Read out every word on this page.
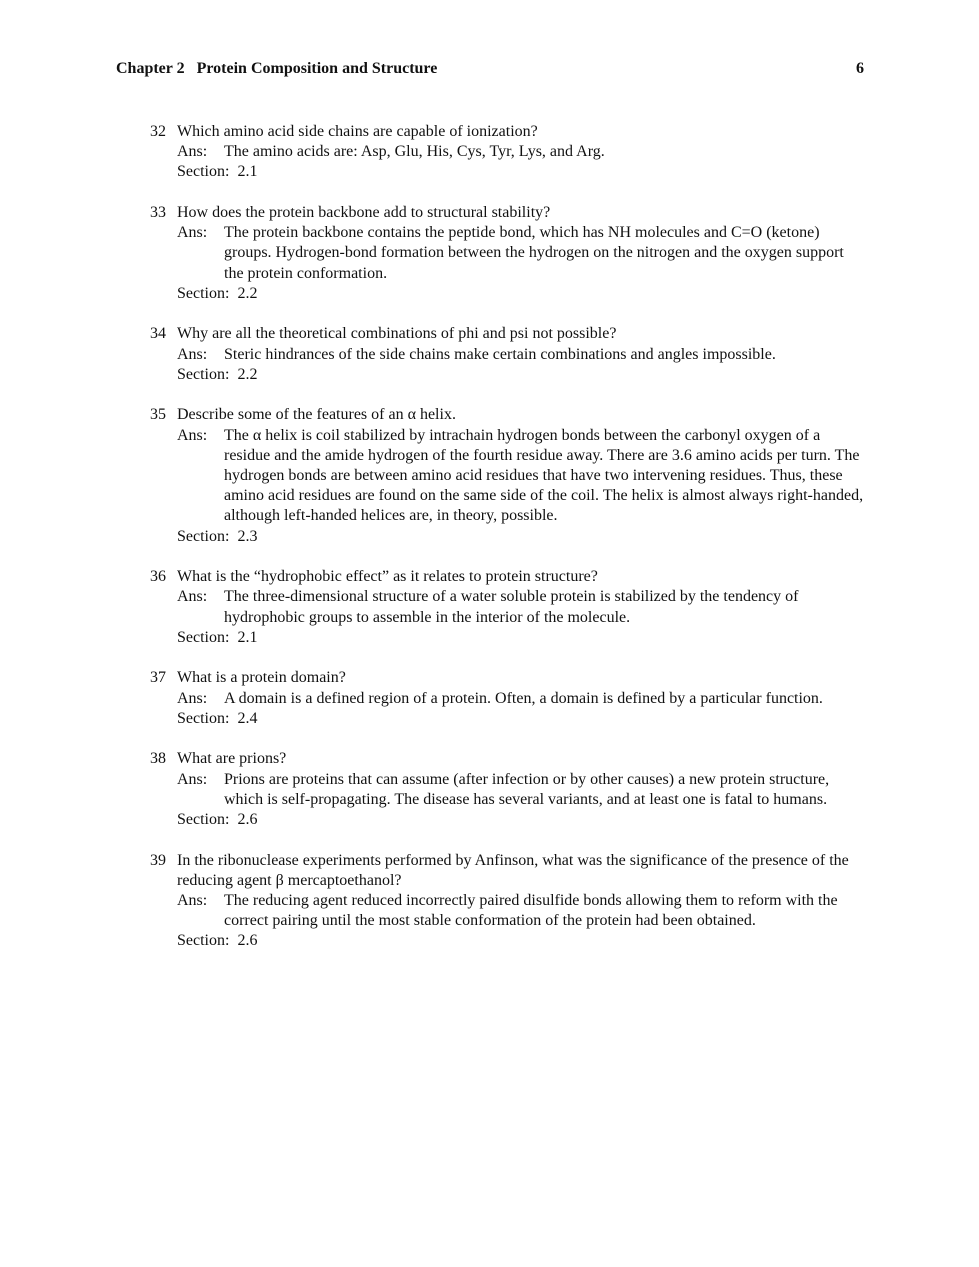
Chapter 2   Protein Composition and Structure	6
32 Which amino acid side chains are capable of ionization?
Ans:	The amino acids are: Asp, Glu, His, Cys, Tyr, Lys, and Arg.
Section: 2.1
33 How does the protein backbone add to structural stability?
Ans:	The protein backbone contains the peptide bond, which has NH molecules and C=O (ketone) groups. Hydrogen-bond formation between the hydrogen on the nitrogen and the oxygen support the protein conformation.
Section: 2.2
34 Why are all the theoretical combinations of phi and psi not possible?
Ans:	Steric hindrances of the side chains make certain combinations and angles impossible.
Section: 2.2
35 Describe some of the features of an α helix.
Ans:	The α helix is coil stabilized by intrachain hydrogen bonds between the carbonyl oxygen of a residue and the amide hydrogen of the fourth residue away. There are 3.6 amino acids per turn. The hydrogen bonds are between amino acid residues that have two intervening residues. Thus, these amino acid residues are found on the same side of the coil. The helix is almost always right-handed, although left-handed helices are, in theory, possible.
Section: 2.3
36 What is the “hydrophobic effect” as it relates to protein structure?
Ans:	The three-dimensional structure of a water soluble protein is stabilized by the tendency of hydrophobic groups to assemble in the interior of the molecule.
Section: 2.1
37 What is a protein domain?
Ans:	A domain is a defined region of a protein. Often, a domain is defined by a particular function.
Section: 2.4
38 What are prions?
Ans:	Prions are proteins that can assume (after infection or by other causes) a new protein structure, which is self-propagating. The disease has several variants, and at least one is fatal to humans.
Section: 2.6
39 In the ribonuclease experiments performed by Anfinson, what was the significance of the presence of the reducing agent β mercaptoethanol?
Ans:	The reducing agent reduced incorrectly paired disulfide bonds allowing them to reform with the correct pairing until the most stable conformation of the protein had been obtained.
Section: 2.6
